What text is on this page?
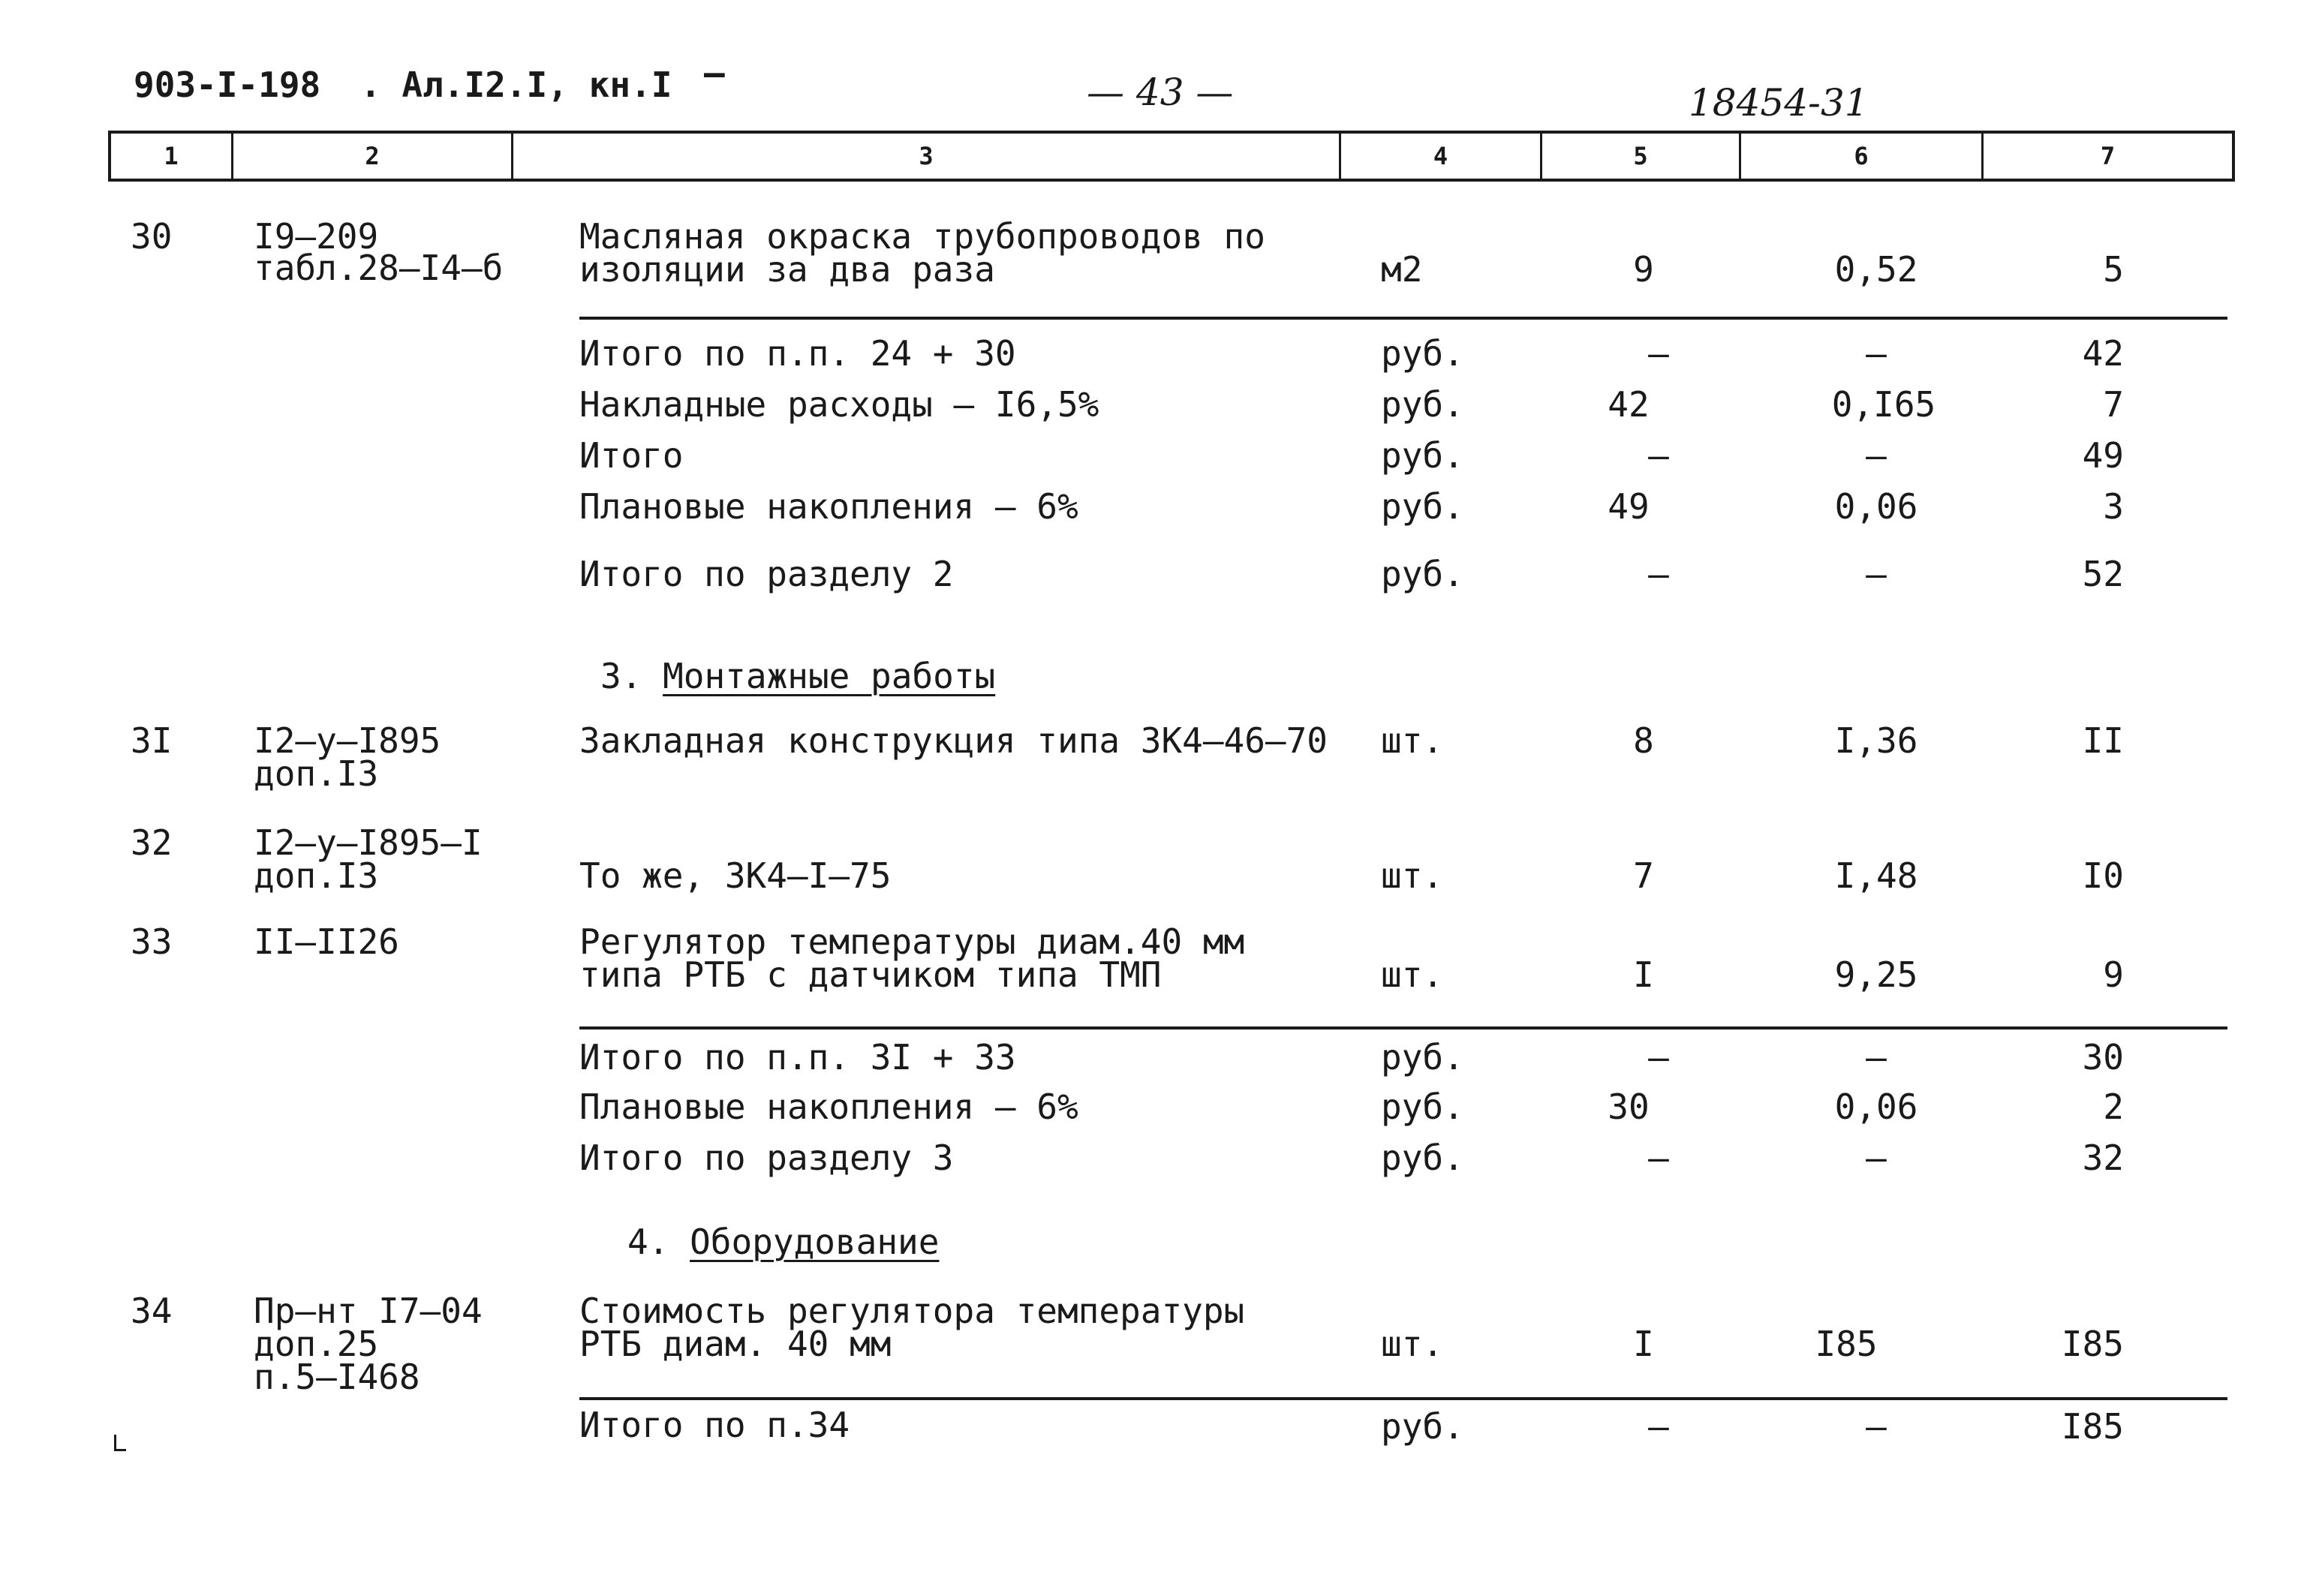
903-I-198 . Ал.I2.I, кн.I –	— 43 —	18454-31
1	2	3	4	5	6	7
30 I9–209
табл.28–I4–б
Масляная окраска трубопроводов по
изоляции за два раза	м2	9	0,52	5
Итого по п.п. 24 + 30	руб.	–	–	42
Накладные расходы – I6,5%	руб.	42	0,I65	7
Итого	руб.	–	–	49
Плановые накопления – 6%	руб.	49	0,06	3
Итого по разделу 2	руб.	–	–	52
3. Монтажные работы
3I I2–у–I895
доп.I3
Закладная конструкция типа ЗК4–46–70 шт.	8	I,36	II
32 I2–у–I895–I
доп.I3	То же, ЗК4–I–75	шт.	7	I,48	I0
33 II–II26	Регулятор температуры диам.40 мм
типа РТБ с датчиком типа ТМП	шт.	I	9,25	9
Итого по п.п. 3I + 33	руб.	–	–	30
Плановые накопления – 6%	руб.	30	0,06	2
Итого по разделу 3	руб.	–	–	32
4. Оборудование
34 Пр–нт I7–04
доп.25
п.5–I468
Стоимость регулятора температуры
РТБ диам. 40 мм	шт.	I	I85	I85
Итого по п.34	руб.	–	–	I85
